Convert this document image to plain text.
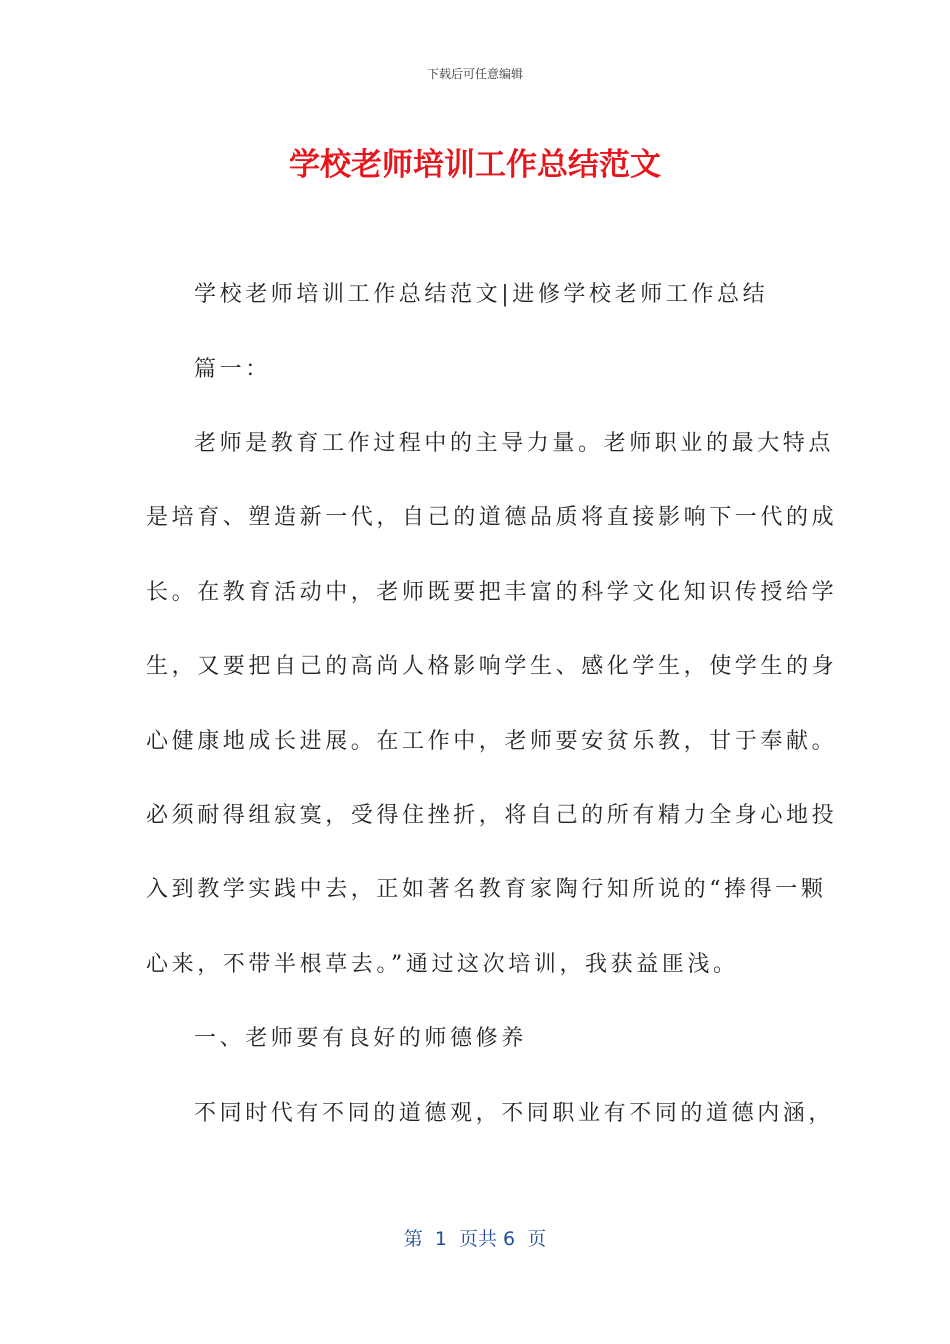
下载后可任意编辑
学校老师培训工作总结范文
学校老师培训工作总结范文|进修学校老师工作总结
篇一：
老师是教育工作过程中的主导力量。老师职业的最大特点
是培育、塑造新一代，自己的道德品质将直接影响下一代的成
长。在教育活动中，老师既要把丰富的科学文化知识传授给学
生，又要把自己的高尚人格影响学生、感化学生，使学生的身
心健康地成长进展。在工作中，老师要安贫乐教，甘于奉献。
必须耐得组寂寞，受得住挫折，将自己的所有精力全身心地投
入到教学实践中去，正如著名教育家陶行知所说的“捧得一颗
心来，不带半根草去。”通过这次培训，我获益匪浅。
一、老师要有良好的师德修养
不同时代有不同的道德观，不同职业有不同的道德内涵，
第  1  页共 6  页
